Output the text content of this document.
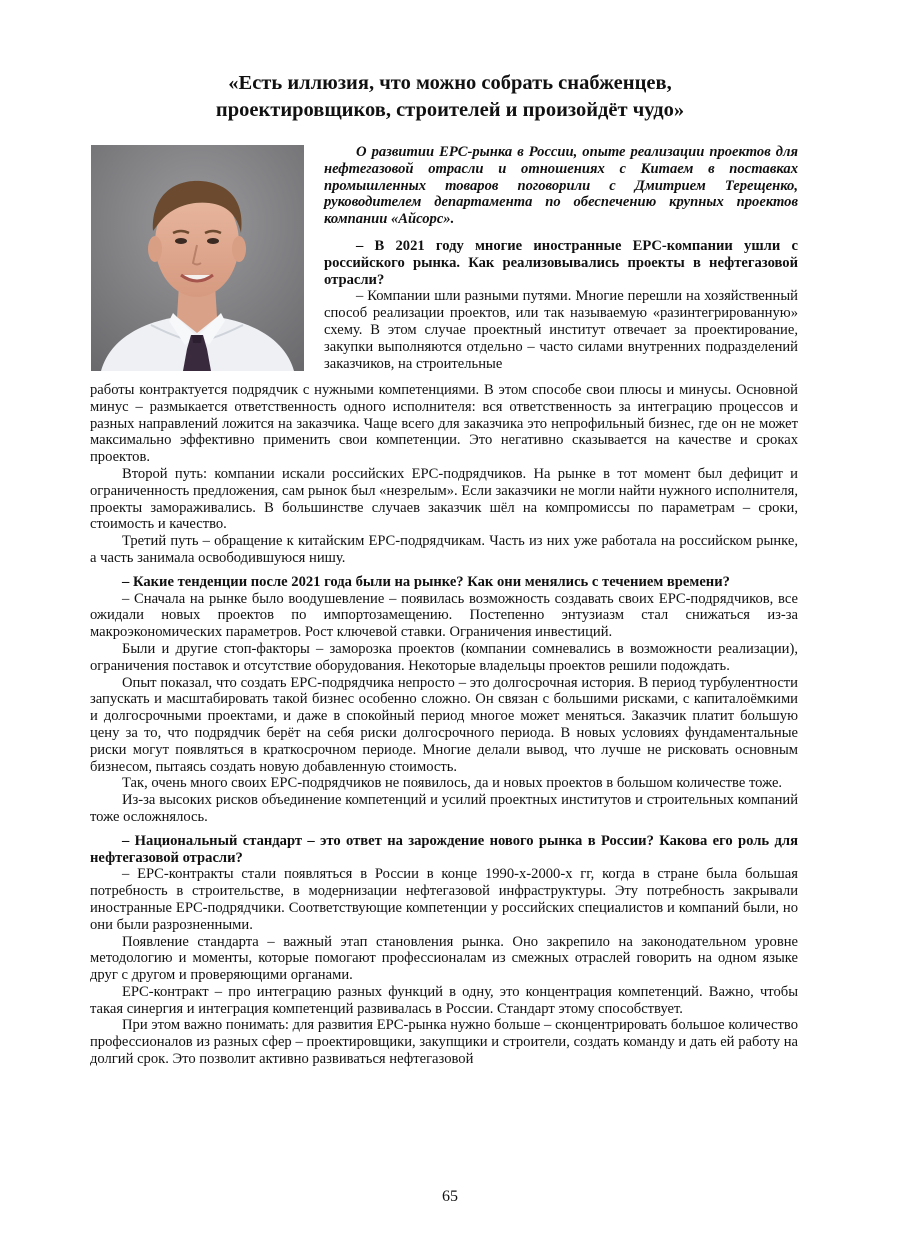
«Есть иллюзия, что можно собрать снабженцев,
проектировщиков, строителей и произойдёт чудо»
О развитии EPC-рынка в России, опыте реализации проектов для нефтегазовой отрасли и отношениях с Китаем в поставках промышленных товаров поговорили с Дмитрием Терещенко, руководителем департамента по обеспечению крупных проектов компании «Айсорс».

– В 2021 году многие иностранные EPC-компании ушли с российского рынка. Как реализовывались проекты в нефтегазовой отрасли?

– Компании шли разными путями. Многие перешли на хозяйственный способ реализации проектов, или так называемую «разинтегрированную» схему. В этом случае проектный институт отвечает за проектирование, закупки выполняются отдельно – часто силами внутренних подразделений заказчиков, на строительные

работы контрактуется подрядчик с нужными компетенциями. В этом способе свои плюсы и минусы. Основной минус – размыкается ответственность одного исполнителя: вся ответственность за интеграцию процессов и разных направлений ложится на заказчика. Чаще всего для заказчика это непрофильный бизнес, где он не может максимально эффективно применить свои компетенции. Это негативно сказывается на качестве и сроках проектов.

Второй путь: компании искали российских EPC-подрядчиков. На рынке в тот момент был дефицит и ограниченность предложения, сам рынок был «незрелым». Если заказчики не могли найти нужного исполнителя, проекты замораживались. В большинстве случаев заказчик шёл на компромиссы по параметрам – сроки, стоимость и качество.

Третий путь – обращение к китайским EPC-подрядчикам. Часть из них уже работала на российском рынке, а часть занимала освободившуюся нишу.

– Какие тенденции после 2021 года были на рынке? Как они менялись с течением времени?

– Сначала на рынке было воодушевление – появилась возможность создавать своих EPC-подрядчиков, все ожидали новых проектов по импортозамещению. Постепенно энтузиазм стал снижаться из-за макроэкономических параметров. Рост ключевой ставки. Ограничения инвестиций.

Были и другие стоп-факторы – заморозка проектов (компании сомневались в возможности реализации), ограничения поставок и отсутствие оборудования. Некоторые владельцы проектов решили подождать.

Опыт показал, что создать EPC-подрядчика непросто – это долгосрочная история. В период турбулентности запускать и масштабировать такой бизнес особенно сложно. Он связан с большими рисками, с капиталоёмкими и долгосрочными проектами, и даже в спокойный период многое может меняться. Заказчик платит большую цену за то, что подрядчик берёт на себя риски долгосрочного периода. В новых условиях фундаментальные риски могут появляться в краткосрочном периоде. Многие делали вывод, что лучше не рисковать основным бизнесом, пытаясь создать новую добавленную стоимость.

Так, очень много своих EPC-подрядчиков не появилось, да и новых проектов в большом количестве тоже.

Из-за высоких рисков объединение компетенций и усилий проектных институтов и строительных компаний тоже осложнялось.

– Национальный стандарт – это ответ на зарождение нового рынка в России? Какова его роль для нефтегазовой отрасли?

– EPC-контракты стали появляться в России в конце 1990-х-2000-х гг, когда в стране была большая потребность в строительстве, в модернизации нефтегазовой инфраструктуры. Эту потребность закрывали иностранные EPC-подрядчики. Соответствующие компетенции у российских специалистов и компаний были, но они были разрозненными.

Появление стандарта – важный этап становления рынка. Оно закрепило на законодательном уровне методологию и моменты, которые помогают профессионалам из смежных отраслей говорить на одном языке друг с другом и проверяющими органами.

EPC-контракт – про интеграцию разных функций в одну, это концентрация компетенций. Важно, чтобы такая синергия и интеграция компетенций развивалась в России. Стандарт этому способствует.

При этом важно понимать: для развития EPC-рынка нужно больше – сконцентрировать большое количество профессионалов из разных сфер – проектировщики, закупщики и строители, создать команду и дать ей работу на долгий срок. Это позволит активно развиваться нефтегазовой

65
